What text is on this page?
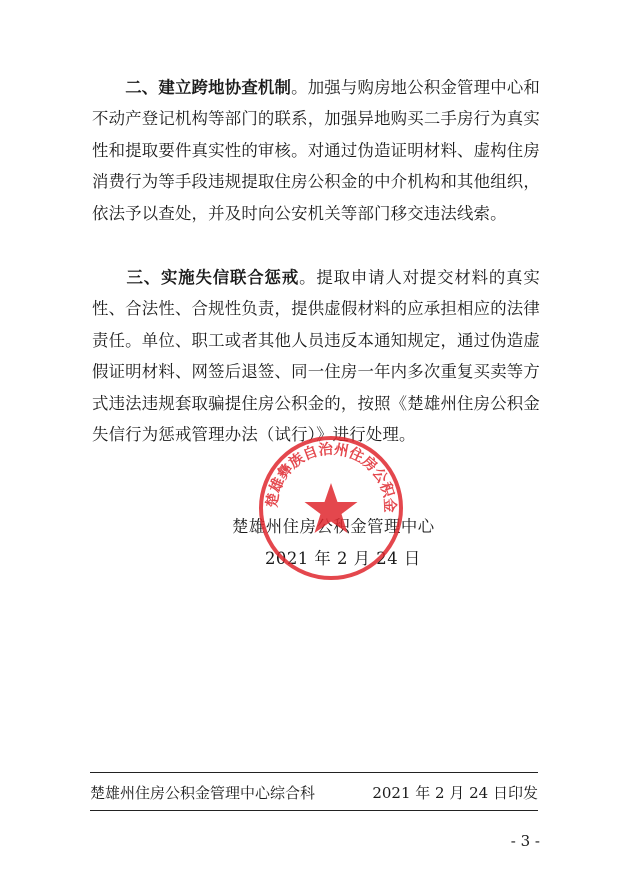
　　二、建立跨地协查机制。加强与购房地公积金管理中心和不动产登记机构等部门的联系，加强异地购买二手房行为真实性和提取要件真实性的审核。对通过伪造证明材料、虚构住房消费行为等手段违规提取住房公积金的中介机构和其他组织，依法予以查处，并及时向公安机关等部门移交违法线索。

　　三、实施失信联合惩戒。提取申请人对提交材料的真实性、合法性、合规性负责，提供虚假材料的应承担相应的法律责任。单位、职工或者其他人员违反本通知规定，通过伪造虚假证明材料、网签后退签、同一住房一年内多次重复买卖等方式违法违规套取骗提住房公积金的，按照《楚雄州住房公积金失信行为惩戒管理办法（试行）》进行处理。

楚雄州住房公积金管理中心
2021 年 2 月 24 日
楚雄彝族自治州住房公积金
楚雄州住房公积金管理中心综合科	2021 年 2 月 24 日印发
- 3 -
